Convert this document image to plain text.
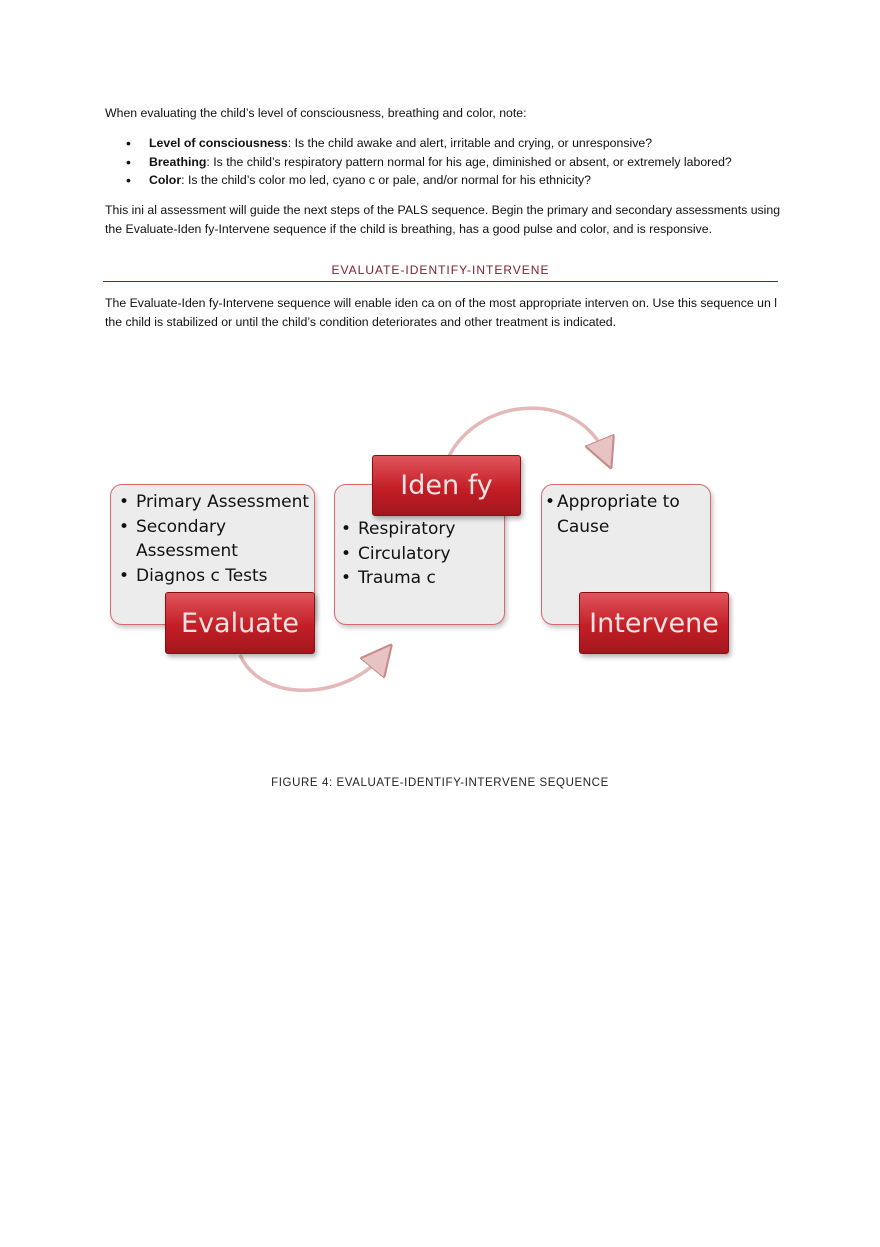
When evaluating the child’s level of consciousness, breathing and color, note:

• Level of consciousness: Is the child awake and alert, irritable and crying, or unresponsive?
• Breathing: Is the child’s respiratory pattern normal for his age, diminished or absent, or extremely labored?
• Color: Is the child’s color mo led, cyano c or pale, and/or normal for his ethnicity?

This ini al assessment will guide the next steps of the PALS sequence. Begin the primary and secondary assessments using the Evaluate-Iden fy-Intervene sequence if the child is breathing, has a good pulse and color, and is responsive.

EVALUATE-IDENTIFY-INTERVENE

The Evaluate-Iden fy-Intervene sequence will enable iden ca on of the most appropriate interven on. Use this sequence un l the child is stabilized or until the child’s condition deteriorates and other treatment is indicated.

• Primary Assessment
• Secondary Assessment
• Diagnos c Tests
• Respiratory
• Circulatory
• Trauma c
• Appropriate to Cause
Evaluate
Iden fy
Intervene
FIGURE 4: EVALUATE-IDENTIFY-INTERVENE SEQUENCE
